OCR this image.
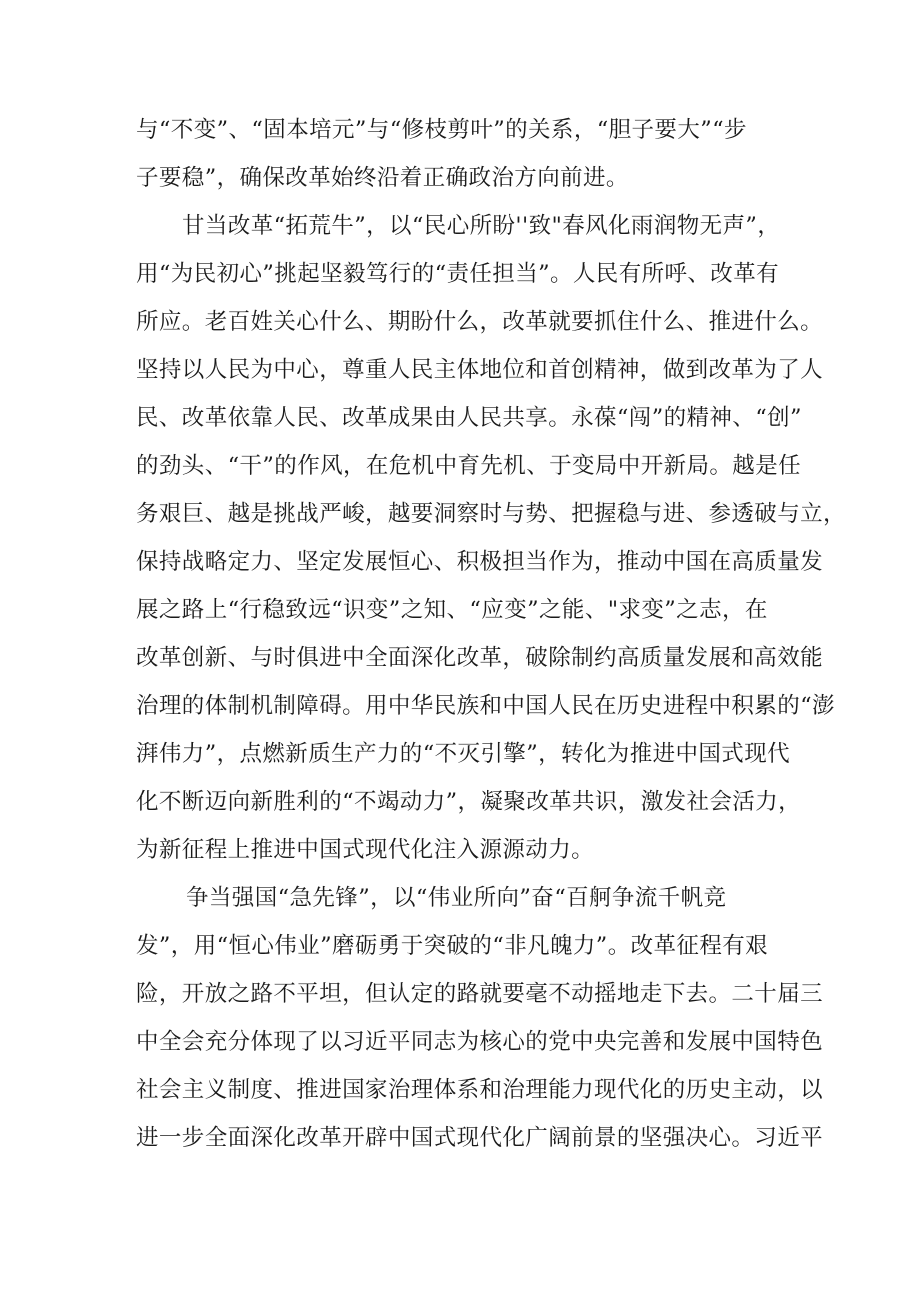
与“不变”、“固本培元”与“修枝剪叶”的关系，“胆子要大”“步
子要稳”，确保改革始终沿着正确政治方向前进。
甘当改革“拓荒牛”，以“民心所盼''致"春风化雨润物无声”，
用“为民初心”挑起坚毅笃行的“责任担当”。人民有所呼、改革有
所应。老百姓关心什么、期盼什么，改革就要抓住什么、推进什么。
坚持以人民为中心，尊重人民主体地位和首创精神，做到改革为了人
民、改革依靠人民、改革成果由人民共享。永葆“闯”的精神、“创”
的劲头、“干”的作风，在危机中育先机、于变局中开新局。越是任
务艰巨、越是挑战严峻，越要洞察时与势、把握稳与进、参透破与立，
保持战略定力、坚定发展恒心、积极担当作为，推动中国在高质量发
展之路上“行稳致远“识变”之知、“应变”之能、"求变”之志，在
改革创新、与时俱进中全面深化改革，破除制约高质量发展和高效能
治理的体制机制障碍。用中华民族和中国人民在历史进程中积累的“澎
湃伟力”，点燃新质生产力的“不灭引擎”，转化为推进中国式现代
化不断迈向新胜利的“不竭动力”，凝聚改革共识，激发社会活力，
为新征程上推进中国式现代化注入源源动力。
争当强国“急先锋”，以“伟业所向”奋“百舸争流千帆竞
发”，用“恒心伟业”磨砺勇于突破的“非凡魄力”。改革征程有艰
险，开放之路不平坦，但认定的路就要毫不动摇地走下去。二十届三
中全会充分体现了以习近平同志为核心的党中央完善和发展中国特色
社会主义制度、推进国家治理体系和治理能力现代化的历史主动，以
进一步全面深化改革开辟中国式现代化广阔前景的坚强决心。习近平
